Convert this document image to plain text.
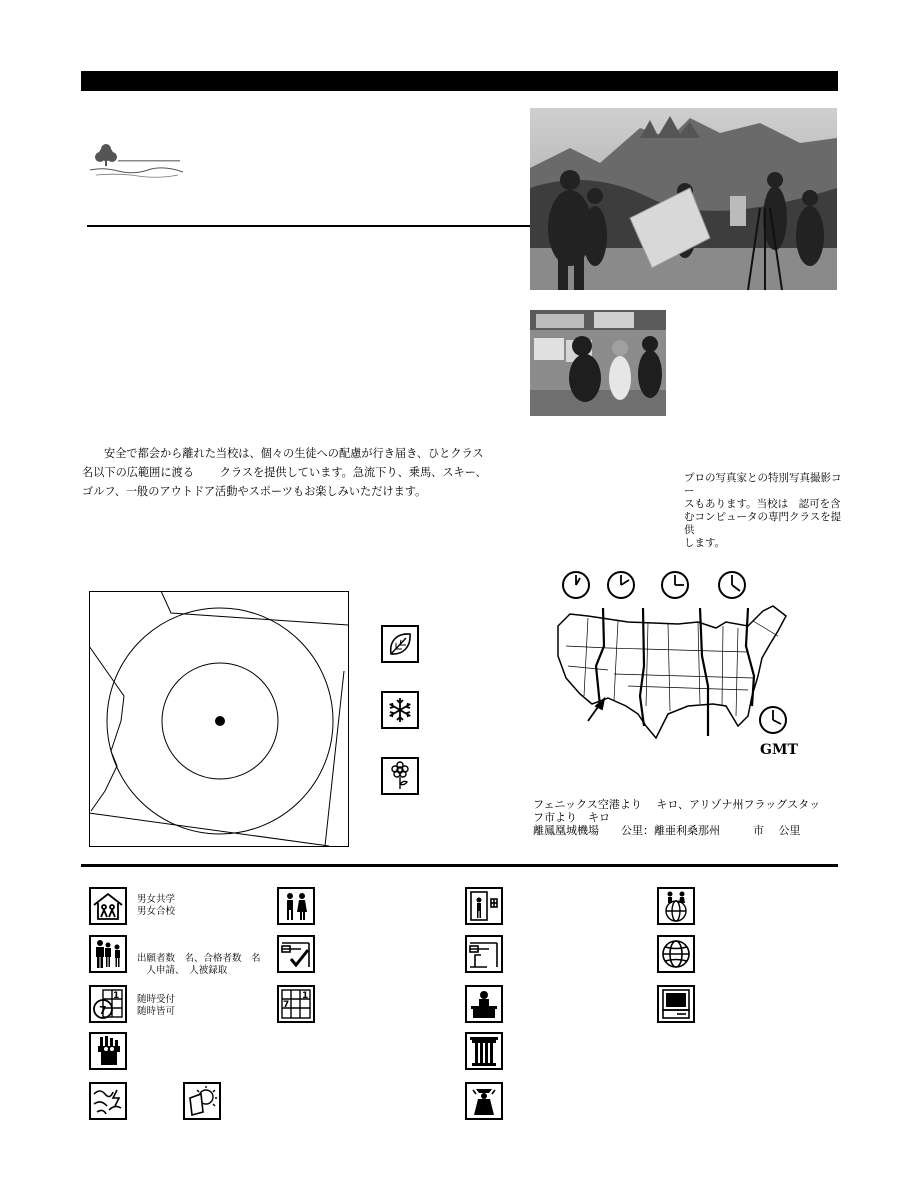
安全で都会から離れた当校は、個々の生徒への配慮が行き届き、ひとクラス

名以下の広範囲に渡る　　 クラスを提供しています。急流下り、乗馬、スキー、

ゴルフ、一般のアウトドア活動やスポーツもお楽しみいただけます。

プロの写真家との特別写真撮影コー
スもあります。当校は　認可を含
むコンピュータの専門クラスを提供
します。
GMT
フェニックス空港より　 キロ、アリゾナ州フラッグスタッ
フ市より　キロ
離鳳凰城機場　　公里：離亜利桑那州　　　市　 公里
男女共学
男女合校
出願者数　名、合格者数　名
　人申請、　人被録取
1
7
随時受付
随時皆可
1
7
